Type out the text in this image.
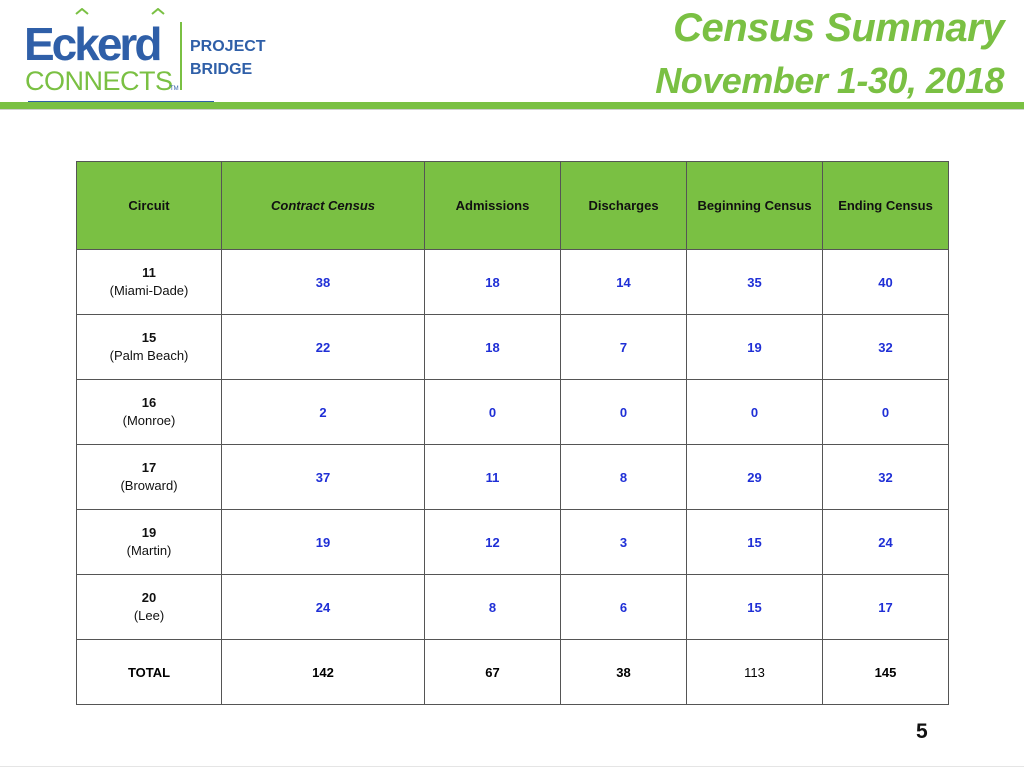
Eckerd
CONNECTS
TM
PROJECT
BRIDGE
Census Summary
November 1-30, 2018
Circuit	Contract Census	Admissions	Discharges	Beginning Census	Ending Census

11
(Miami-Dade)	38	18	14	35	40

15
(Palm Beach)	22	18	7	19	32

16
(Monroe)	2	0	0	0	0

17
(Broward)	37	11	8	29	32

19
(Martin)	19	12	3	15	24

20
(Lee)	24	8	6	15	17
TOTAL	142	67	38	113	145
5
